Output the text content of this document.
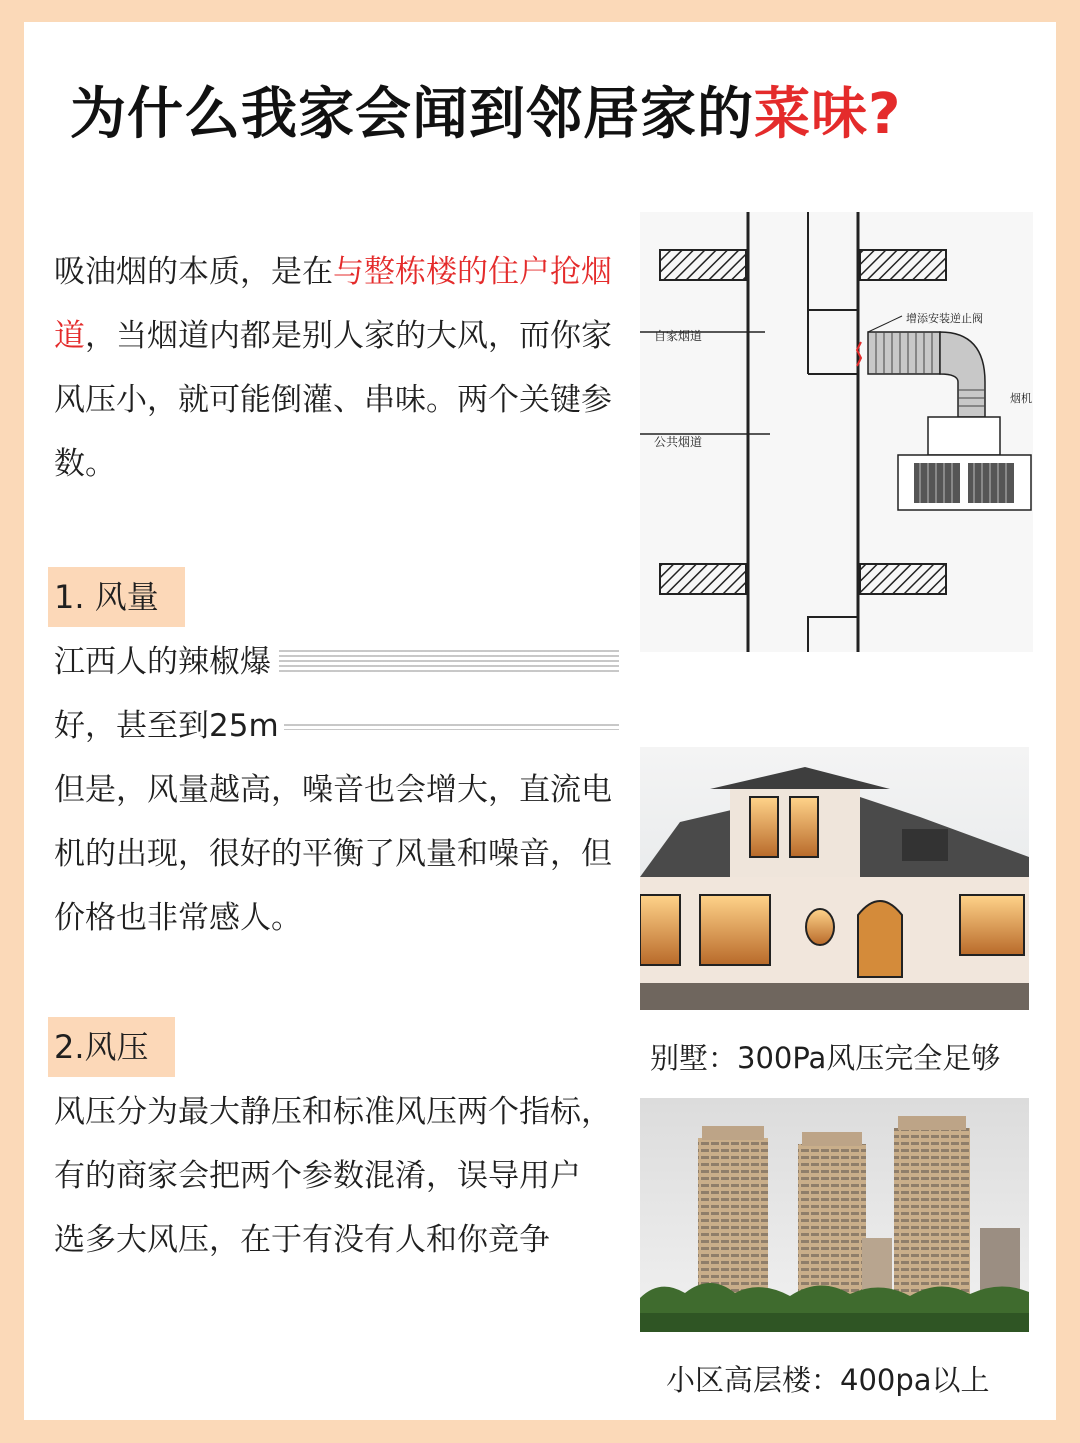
为什么我家会闻到邻居家的菜味?
吸油烟的本质，是在与整栋楼的住户抢烟道，当烟道内都是别人家的大风，而你家风压小，就可能倒灌、串味。两个关键参数。
1. 风量
江西人的辣椒爆
好，甚至到25m
但是，风量越高，噪音也会增大，直流电机的出现，很好的平衡了风量和噪音，但价格也非常感人。
2.风压
风压分为最大静压和标准风压两个指标，有的商家会把两个参数混淆，误导用户
选多大风压，在于有没有人和你竞争
自家烟道
公共烟道
增添安装逆止阀
烟机
别墅：300Pa风压完全足够
小区高层楼：400pa以上
